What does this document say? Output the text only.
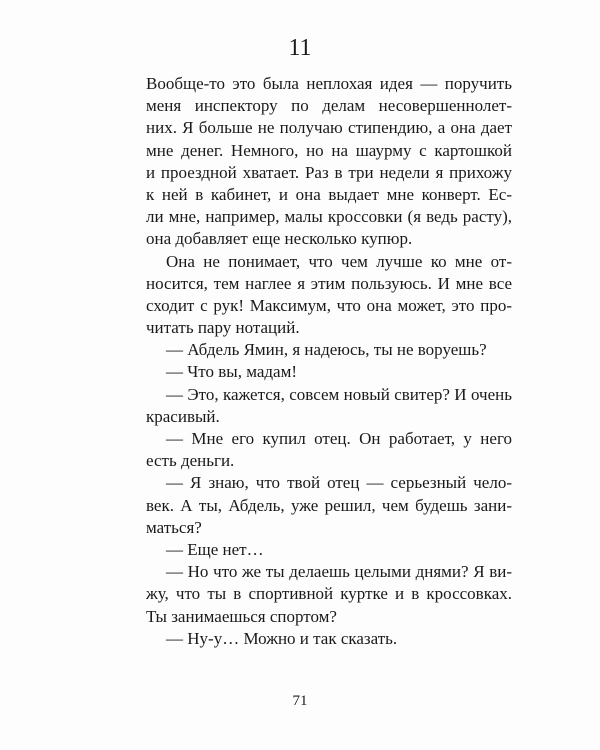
11
Вообще-то это была неплохая идея — поручить
меня инспектору по делам несовершеннолет-
них. Я больше не получаю стипендию, а она дает
мне денег. Немного, но на шаурму с картошкой
и проездной хватает. Раз в три недели я прихожу
к ней в кабинет, и она выдает мне конверт. Ес-
ли мне, например, малы кроссовки (я ведь расту),
она добавляет еще несколько купюр.
Она не понимает, что чем лучше ко мне от-
носится, тем наглее я этим пользуюсь. И мне все
сходит с рук! Максимум, что она может, это про-
читать пару нотаций.
— Абдель Ямин, я надеюсь, ты не воруешь?
— Что вы, мадам!
— Это, кажется, совсем новый свитер? И очень
красивый.
— Мне его купил отец. Он работает, у него
есть деньги.
— Я знаю, что твой отец — серьезный чело-
век. А ты, Абдель, уже решил, чем будешь зани-
маться?
— Еще нет…
— Но что же ты делаешь целыми днями? Я ви-
жу, что ты в спортивной куртке и в кроссовках.
Ты занимаешься спортом?
— Ну-у… Можно и так сказать.
71
